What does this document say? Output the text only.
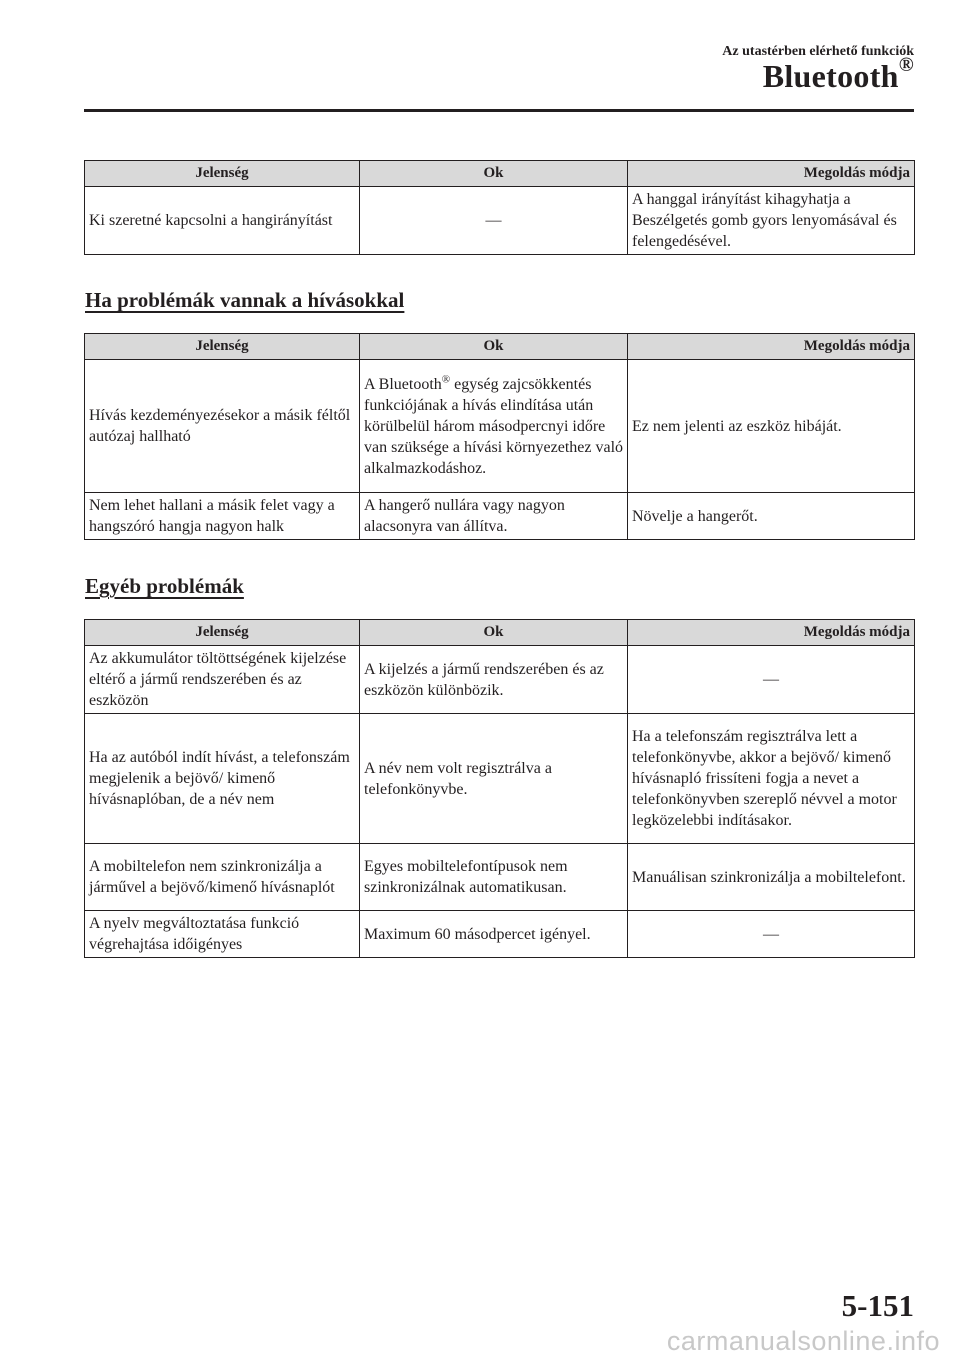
Az utastérben elérhető funkciók
Bluetooth®
Jelenség	Ok	Megoldás módja
Ki szeretné kapcsolni a hangirányítást	—	A hanggal irányítást kihagyhatja a Beszélgetés gomb gyors lenyomásával és felengedésével.
Ha problémák vannak a hívásokkal
Jelenség	Ok	Megoldás módja
Hívás kezdeményezésekor a másik féltől autózaj hallható	A Bluetooth® egység zajcsökkentés funkciójának a hívás elindítása után körülbelül három másodpercnyi időre van szüksége a hívási környezethez való alkalmazkodáshoz.	Ez nem jelenti az eszköz hibáját.
Nem lehet hallani a másik felet vagy a hangszóró hangja nagyon halk	A hangerő nullára vagy nagyon alacsonyra van állítva.	Növelje a hangerőt.
Egyéb problémák
Jelenség	Ok	Megoldás módja
Az akkumulátor töltöttségének kijelzése eltérő a jármű rendszerében és az eszközön	A kijelzés a jármű rendszerében és az eszközön különbözik.	—
Ha az autóból indít hívást, a telefonszám megjelenik a bejövő/ kimenő hívásnaplóban, de a név nem	A név nem volt regisztrálva a telefonkönyvbe.	Ha a telefonszám regisztrálva lett a telefonkönyvbe, akkor a bejövő/ kimenő hívásnapló frissíteni fogja a nevet a telefonkönyvben szereplő névvel a motor legközelebbi indításakor.
A mobiltelefon nem szinkronizálja a járművel a bejövő/kimenő hívásnaplót	Egyes mobiltelefontípusok nem szinkronizálnak automatikusan.	Manuálisan szinkronizálja a mobiltelefont.
A nyelv megváltoztatása funkció végrehajtása időigényes	Maximum 60 másodpercet igényel.	—
5-151
carmanualsonline.info
